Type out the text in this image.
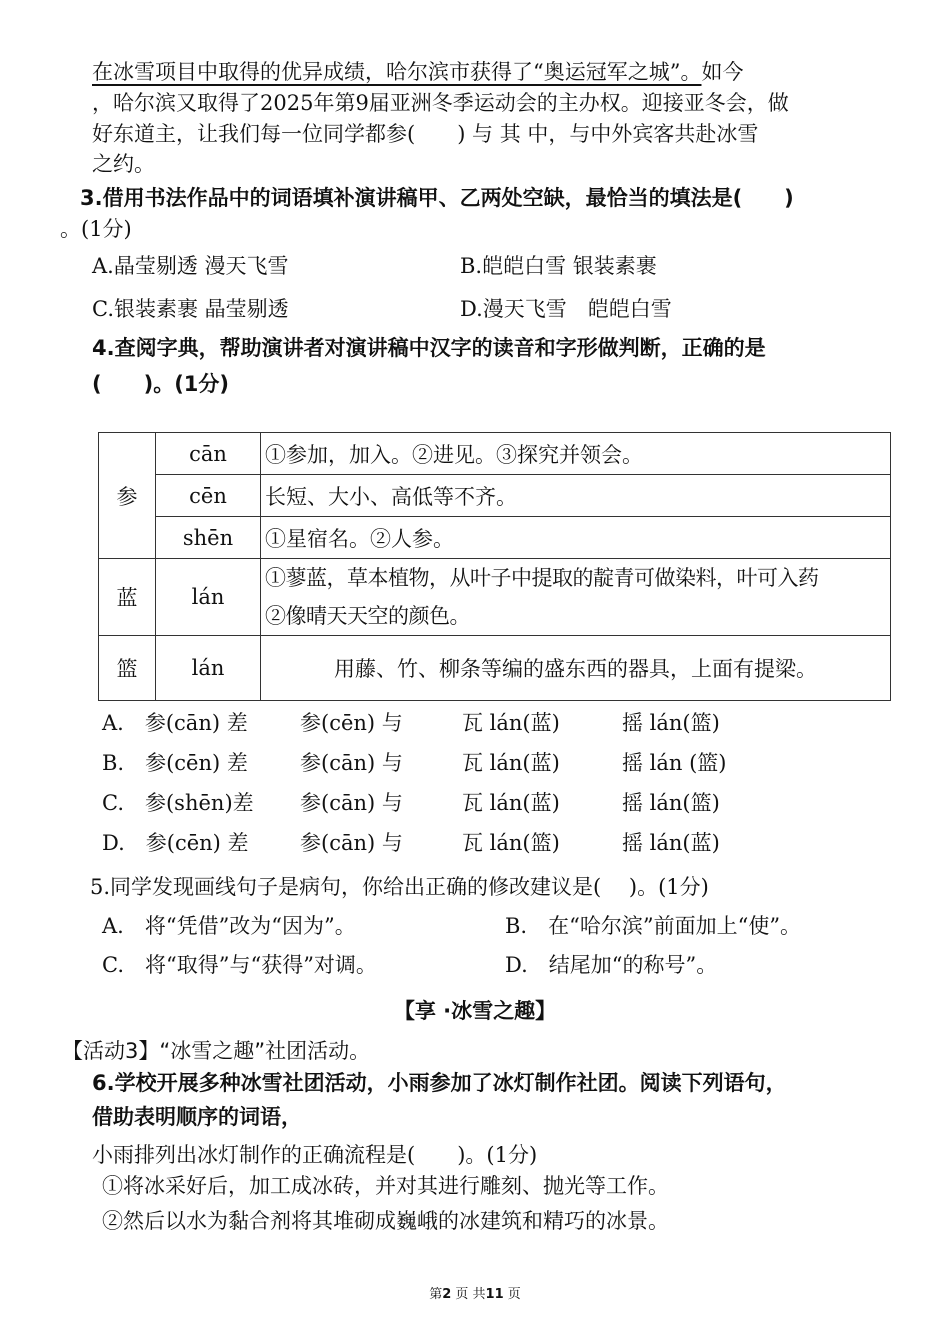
在冰雪项目中取得的优异成绩，哈尔滨市获得了“奥运冠军之城”。如今
，哈尔滨又取得了2025年第9届亚洲冬季运动会的主办权。迎接亚冬会，做
好东道主，让我们每一位同学都参(　　) 与 其 中，与中外宾客共赴冰雪
之约。
3.借用书法作品中的词语填补演讲稿甲、乙两处空缺，最恰当的填法是(　　)
。(1分)
A.晶莹剔透 漫天飞雪	B.皑皑白雪 银装素裹
C.银装素裹 晶莹剔透	D.漫天飞雪　皑皑白雪
4.查阅字典，帮助演讲者对演讲稿中汉字的读音和字形做判断，正确的是
(　　)。(1分)
参	cān	①参加，加入。②进见。③探究并领会。
	cēn	长短、大小、高低等不齐。
	shēn	①星宿名。②人参。
蓝	lán	①蓼蓝，草本植物，从叶子中提取的靛青可做染料，叶可入药
②像晴天天空的颜色。

篮	lán	用藤、竹、柳条等编的盛东西的器具，上面有提梁。
A.　参(cān) 差 参(cēn) 与	瓦 lán(蓝)	摇 lán(篮)
B.　参(cēn) 差 参(cān) 与	瓦 lán(蓝)	摇 lán (篮)
C.　参(shēn)差 参(cān) 与	瓦 lán(蓝)	摇 lán(篮)
D.　参(cēn) 差 参(cān) 与	瓦 lán(篮)	摇 lán(蓝)
5.同学发现画线句子是病句，你给出正确的修改建议是(　 )。(1分)
A.　将“凭借”改为“因为”。	B.　在“哈尔滨”前面加上“使”。
C.　将“取得”与“获得”对调。	D.　结尾加“的称号”。
【享 ·冰雪之趣】
【活动3】“冰雪之趣”社团活动。
6.学校开展多种冰雪社团活动，小雨参加了冰灯制作社团。阅读下列语句，
借助表明顺序的词语，
小雨排列出冰灯制作的正确流程是(　　)。(1分)
①将冰采好后，加工成冰砖，并对其进行雕刻、抛光等工作。
②然后以水为黏合剂将其堆砌成巍峨的冰建筑和精巧的冰景。
第2 页 共11 页
